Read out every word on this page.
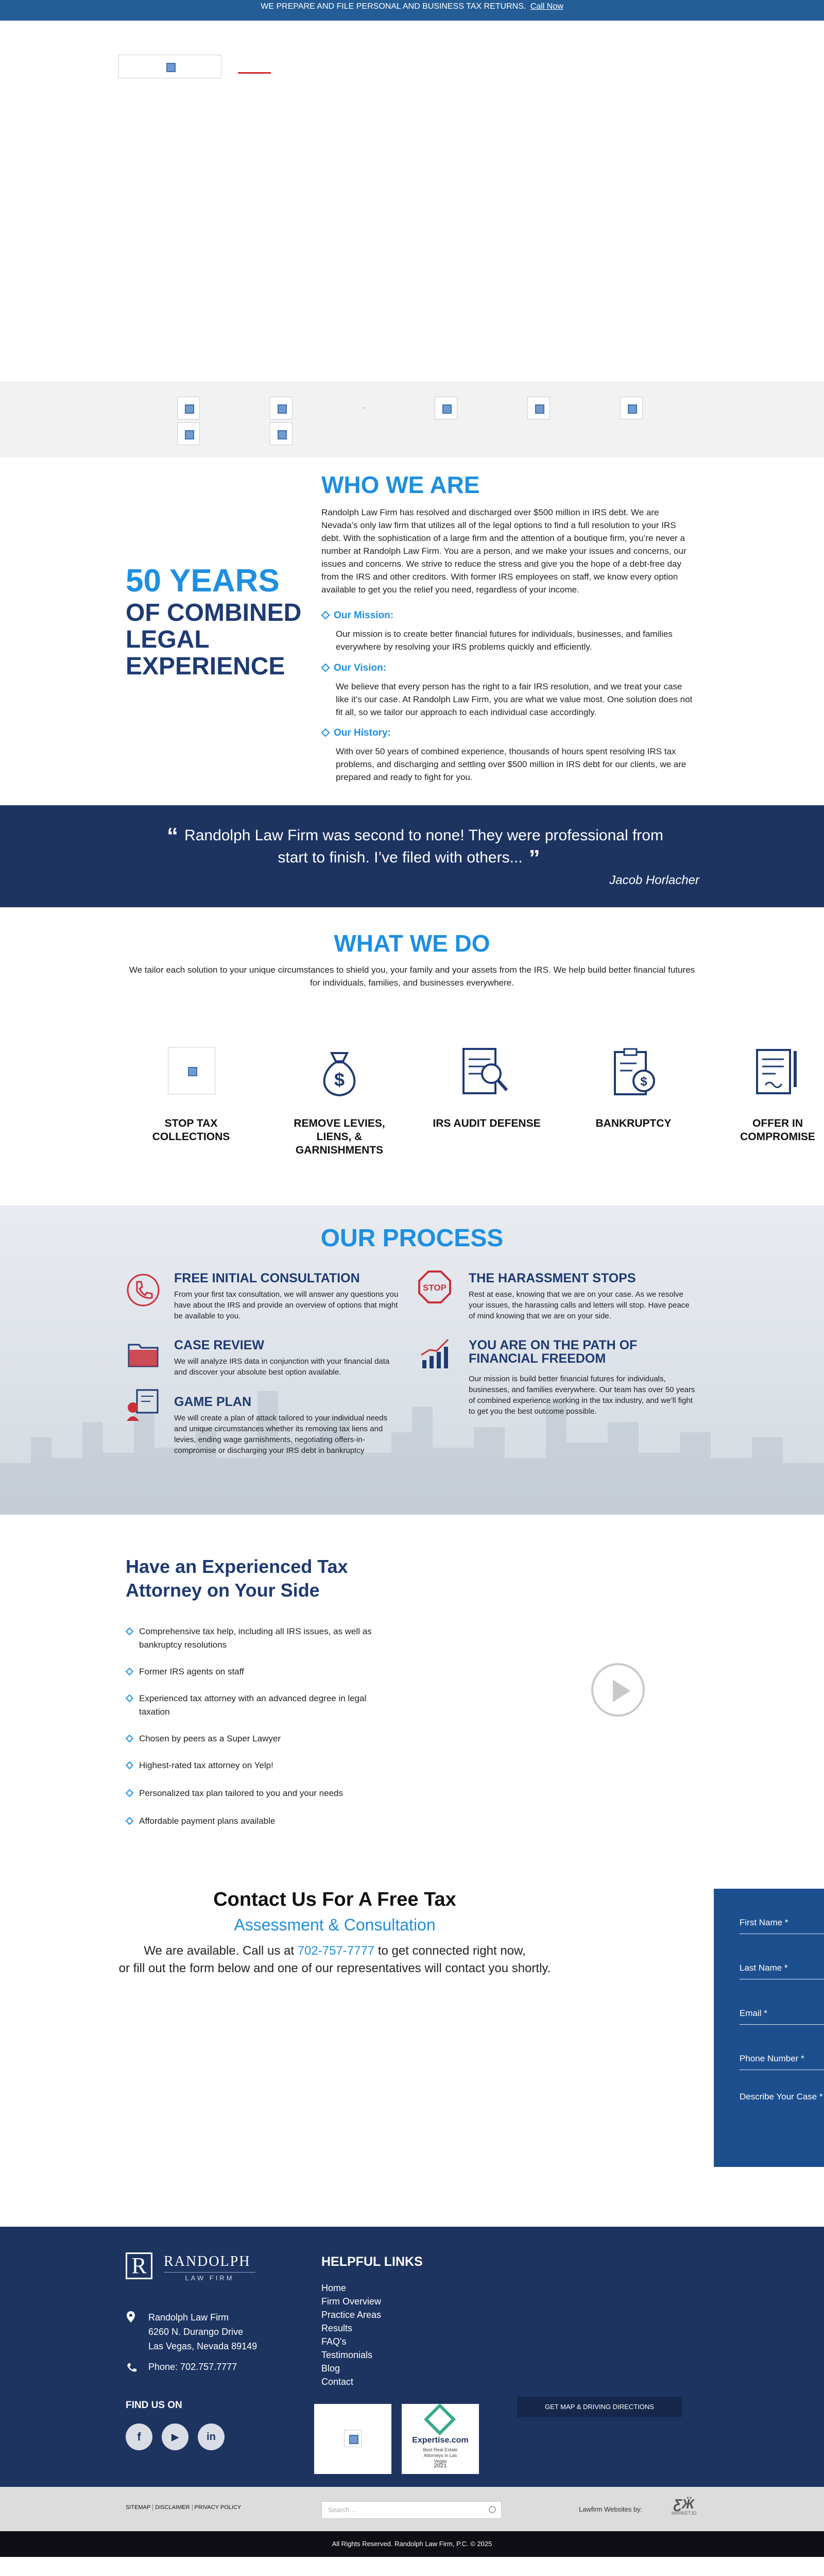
WE PREPARE AND FILE PERSONAL AND BUSINESS TAX RETURNS. Call Now
50 YEARS
OF COMBINED LEGAL EXPERIENCE
WHO WE ARE
Randolph Law Firm has resolved and discharged over $500 million in IRS debt. We are Nevada’s only law firm that utilizes all of the legal options to find a full resolution to your IRS debt. With the sophistication of a large firm and the attention of a boutique firm, you’re never a number at Randolph Law Firm. You are a person, and we make your issues and concerns, our issues and concerns. We strive to reduce the stress and give you the hope of a debt-free day from the IRS and other creditors. With former IRS employees on staff, we know every option available to get you the relief you need, regardless of your income.
Our Mission:
Our mission is to create better financial futures for individuals, businesses, and families everywhere by resolving your IRS problems quickly and efficiently.
Our Vision:
We believe that every person has the right to a fair IRS resolution, and we treat your case like it’s our case. At Randolph Law Firm, you are what we value most. One solution does not fit all, so we tailor our approach to each individual case accordingly.
Our History:
With over 50 years of combined experience, thousands of hours spent resolving IRS tax problems, and discharging and settling over $500 million in IRS debt for our clients, we are prepared and ready to fight for you.
“ Randolph Law Firm was second to none! They were professional from start to finish. I’ve filed with others... ”
Jacob Horlacher
WHAT WE DO
We tailor each solution to your unique circumstances to shield you, your family and your assets from the IRS. We help build better financial futures for individuals, families, and businesses everywhere.
$	$
STOP TAX COLLECTIONS
REMOVE LEVIES, LIENS, & GARNISHMENTS
IRS AUDIT DEFENSE	BANKRUPTCY	OFFER IN COMPROMISE
OUR PROCESS
FREE INITIAL CONSULTATION
From your first tax consultation, we will answer any questions you have about the IRS and provide an overview of options that might be available to you.
CASE REVIEW
We will analyze IRS data in conjunction with your financial data and discover your absolute best option available.
GAME PLAN
We will create a plan of attack tailored to your individual needs and unique circumstances whether its removing tax liens and levies, ending wage garnishments, negotiating offers-in-compromise or discharging your IRS debt in bankruptcy
STOP
THE HARASSMENT STOPS
Rest at ease, knowing that we are on your case. As we resolve your issues, the harassing calls and letters will stop. Have peace of mind knowing that we are on your side.
YOU ARE ON THE PATH OF FINANCIAL FREEDOM
Our mission is build better financial futures for individuals, businesses, and families everywhere. Our team has over 50 years of combined experience working in the tax industry, and we’ll fight to get you the best outcome possible.
Have an Experienced Tax Attorney on Your Side
Comprehensive tax help, including all IRS issues, as well as bankruptcy resolutions
Former IRS agents on staff
Experienced tax attorney with an advanced degree in legal taxation
Chosen by peers as a Super Lawyer
Highest-rated tax attorney on Yelp!
Personalized tax plan tailored to you and your needs
Affordable payment plans available
Contact Us For A Free Tax
Assessment & Consultation
We are available. Call us at 702-757-7777 to get connected right now,
or fill out the form below and one of our representatives will contact you shortly.
First Name *
Last Name *
Email *
Phone Number *
Describe Your Case *
R	RANDOLPH
LAW FIRM
Randolph Law Firm
6260 N. Durango Drive
Las Vegas, Nevada 89149
Phone: 702.757.7777
FIND US ON
f	▶	in
HELPFUL LINKS
Home
Firm Overview
Practice Areas
Results
FAQ's
Testimonials
Blog
Contact
Expertise.com
Best Real Estate Attorneys in Las Vegas
2021
GET MAP & DRIVING DIRECTIONS
SITEMAP DISCLAIMER PRIVACY POLICY	Search ...	Lawfirm Websites by:	ƸӜ
MARKETJD
All Rights Reserved. Randolph Law Firm, P.C. © 2025
